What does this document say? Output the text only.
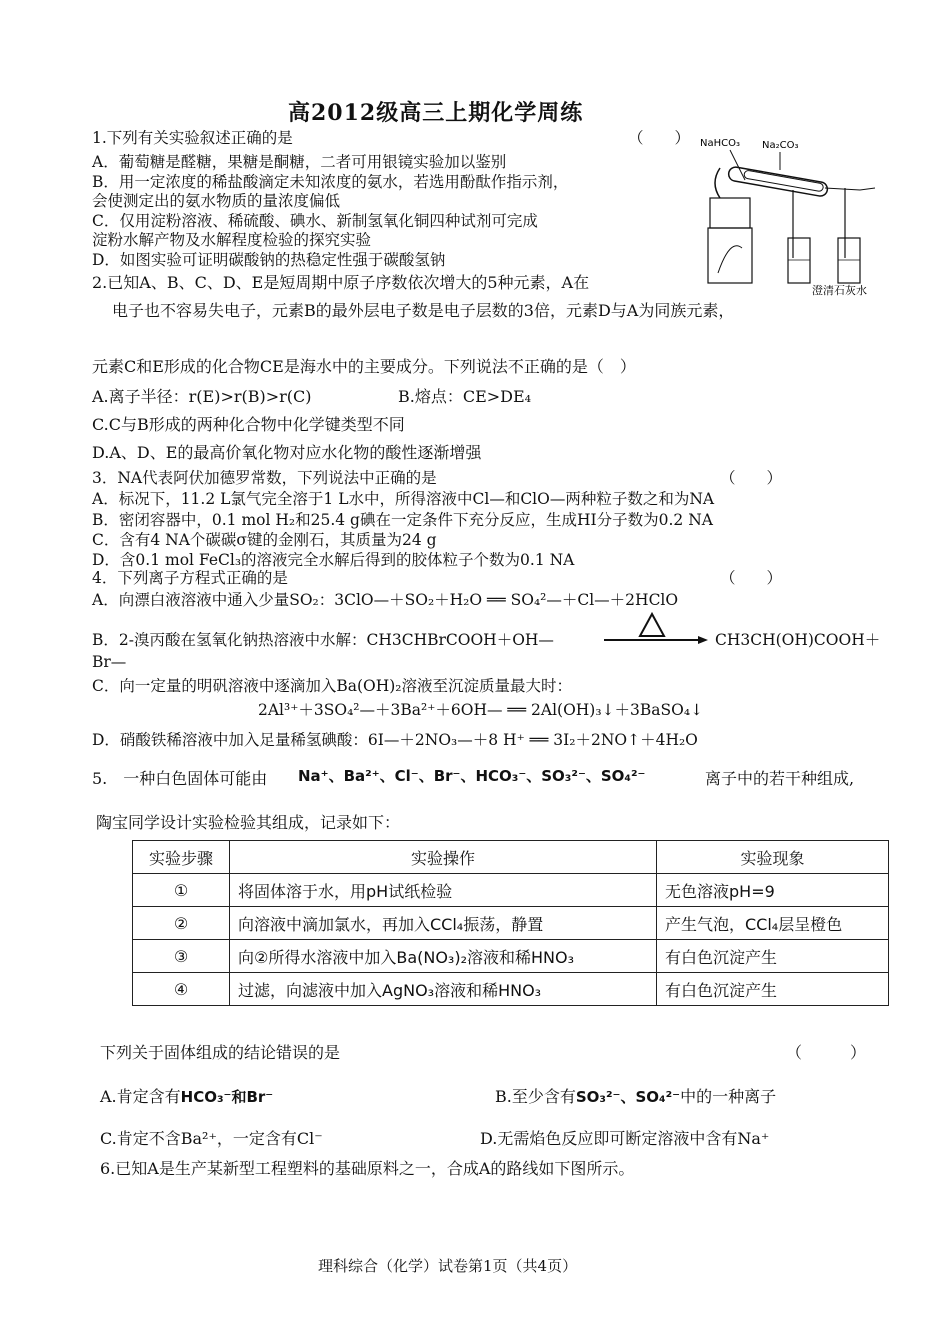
高2012级高三上期化学周练
1.下列有关实验叙述正确的是	（　　）
A．葡萄糖是醛糖，果糖是酮糖，二者可用银镜实验加以鉴别
B．用一定浓度的稀盐酸滴定未知浓度的氨水，若选用酚酞作指示剂，
会使测定出的氨水物质的量浓度偏低
C．仅用淀粉溶液、稀硫酸、碘水、新制氢氧化铜四种试剂可完成
淀粉水解产物及水解程度检验的探究实验
D．如图实验可证明碳酸钠的热稳定性强于碳酸氢钠
NaHCO₃ Na₂CO₃
澄清石灰水
2.已知A、B、C、D、E是短周期中原子序数依次增大的5种元素，A在
电子也不容易失电子，元素B的最外层电子数是电子层数的3倍，元素D与A为同族元素，
元素C和E形成的化合物CE是海水中的主要成分。下列说法不正确的是（　）
A.离子半径：r(E)>r(B)>r(C)	B.熔点：CE>DE₄
C.C与B形成的两种化合物中化学键类型不同
D.A、D、E的最高价氧化物对应水化物的酸性逐渐增强
3．NA代表阿伏加德罗常数，下列说法中正确的是	（　　）
A．标况下，11.2 L氯气完全溶于1 L水中，所得溶液中Cl—和ClO—两种粒子数之和为NA
B．密闭容器中，0.1 mol H₂和25.4 g碘在一定条件下充分反应，生成HI分子数为0.2 NA
C．含有4 NA个碳碳σ键的金刚石，其质量为24 g
D．含0.1 mol FeCl₃的溶液完全水解后得到的胶体粒子个数为0.1 NA
4．下列离子方程式正确的是	（　　）
A．向漂白液溶液中通入少量SO₂：3ClO—＋SO₂＋H₂O ══ SO₄²—＋Cl—＋2HClO
B．2-溴丙酸在氢氧化钠热溶液中水解：CH3CHBrCOOH＋OH—	CH3CH(OH)COOH＋
Br—
C．向一定量的明矾溶液中逐滴加入Ba(OH)₂溶液至沉淀质量最大时：
2Al³⁺＋3SO₄²—＋3Ba²⁺＋6OH— ══ 2Al(OH)₃↓＋3BaSO₄↓
D．硝酸铁稀溶液中加入足量稀氢碘酸：6I—＋2NO₃—＋8 H⁺ ══ 3I₂＋2NO↑＋4H₂O
5.　一种白色固体可能由 Na⁺、Ba²⁺、Cl⁻、Br⁻、HCO₃⁻、SO₃²⁻、SO₄²⁻	离子中的若干种组成,
陶宝同学设计实验检验其组成，记录如下：
实验步骤	实验操作	实验现象
①	将固体溶于水，用pH试纸检验	无色溶液pH=9
②	向溶液中滴加氯水，再加入CCl₄振荡，静置	产生气泡，CCl₄层呈橙色
③	向②所得水溶液中加入Ba(NO₃)₂溶液和稀HNO₃	有白色沉淀产生
④	过滤，向滤液中加入AgNO₃溶液和稀HNO₃	有白色沉淀产生
下列关于固体组成的结论错误的是	（　　　）
A.肯定含有HCO₃⁻和Br⁻	B.至少含有SO₃²⁻、SO₄²⁻中的一种离子
C.肯定不含Ba²⁺，一定含有Cl⁻	D.无需焰色反应即可断定溶液中含有Na⁺
6.已知A是生产某新型工程塑料的基础原料之一，合成A的路线如下图所示。
理科综合（化学）试卷第1页（共4页）
